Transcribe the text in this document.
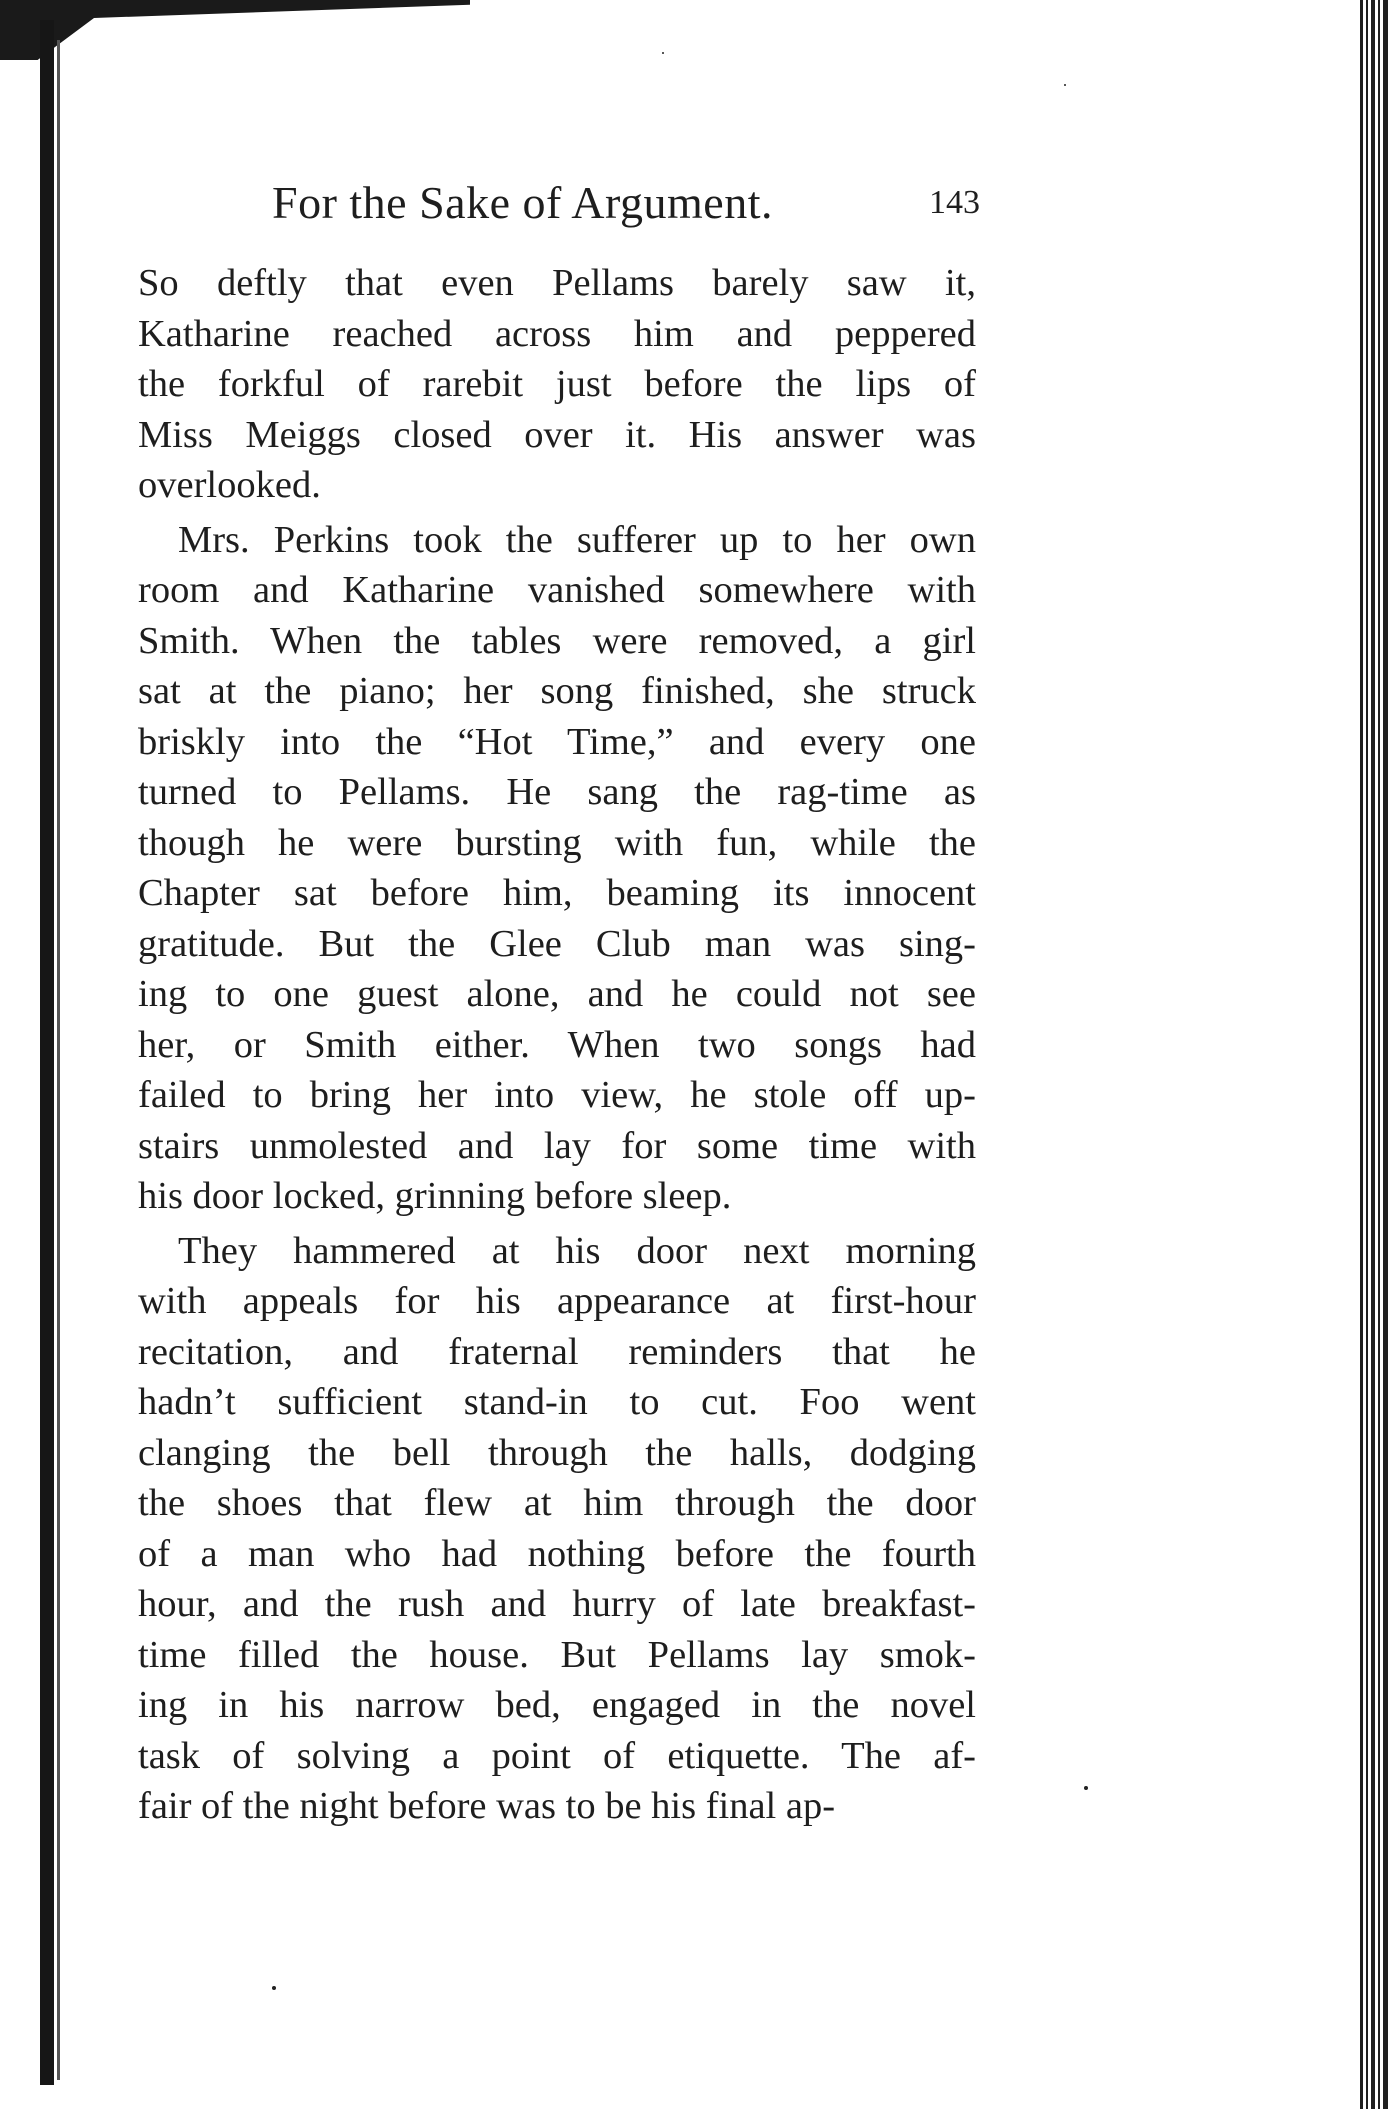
For the Sake of Argument.	143
So deftly that even Pellams barely saw it,
Katharine reached across him and peppered
the forkful of rarebit just before the lips of
Miss Meiggs closed over it. His answer was
overlooked.
Mrs. Perkins took the sufferer up to her own
room and Katharine vanished somewhere with
Smith. When the tables were removed, a girl
sat at the piano; her song finished, she struck
briskly into the “Hot Time,” and every one
turned to Pellams. He sang the rag-time as
though he were bursting with fun, while the
Chapter sat before him, beaming its innocent
gratitude. But the Glee Club man was sing-
ing to one guest alone, and he could not see
her, or Smith either. When two songs had
failed to bring her into view, he stole off up-
stairs unmolested and lay for some time with
his door locked, grinning before sleep.
They hammered at his door next morning
with appeals for his appearance at first-hour
recitation, and fraternal reminders that he
hadn’t sufficient stand-in to cut. Foo went
clanging the bell through the halls, dodging
the shoes that flew at him through the door
of a man who had nothing before the fourth
hour, and the rush and hurry of late breakfast-
time filled the house. But Pellams lay smok-
ing in his narrow bed, engaged in the novel
task of solving a point of etiquette. The af-
fair of the night before was to be his final ap-
